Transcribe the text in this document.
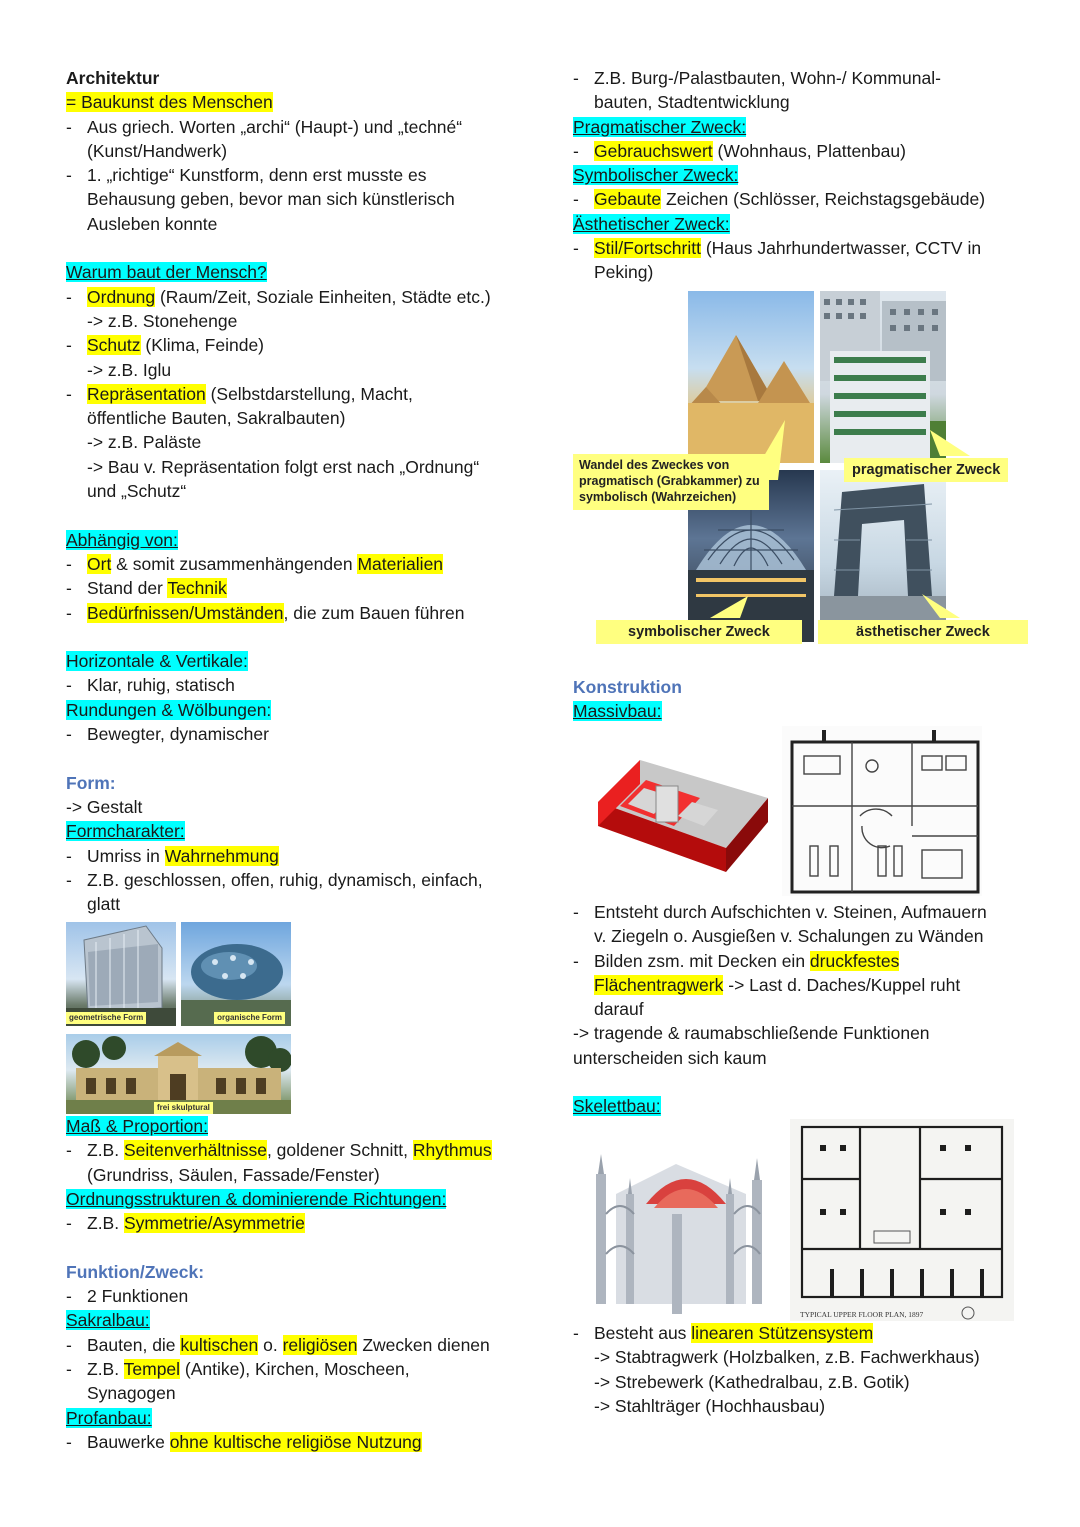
Architektur
= Baukunst des Menschen
- Aus griech. Worten „archi“ (Haupt-) und „techné“
(Kunst/Handwerk)
- 1. „richtige“ Kunstform, denn erst musste es
Behausung geben, bevor man sich künstlerisch
Ausleben konnte
Warum baut der Mensch?
- Ordnung (Raum/Zeit, Soziale Einheiten, Städte etc.)
-> z.B. Stonehenge
- Schutz (Klima, Feinde)
-> z.B. Iglu
- Repräsentation (Selbstdarstellung, Macht,
öffentliche Bauten, Sakralbauten)
-> z.B. Paläste
-> Bau v. Repräsentation folgt erst nach „Ordnung“
und „Schutz“
Abhängig von:
- Ort & somit zusammenhängenden Materialien
- Stand der Technik
- Bedürfnissen/Umständen, die zum Bauen führen
Horizontale & Vertikale:
- Klar, ruhig, statisch
Rundungen & Wölbungen:
- Bewegter, dynamischer
Form:
-> Gestalt
Formcharakter:
- Umriss in Wahrnehmung
- Z.B. geschlossen, offen, ruhig, dynamisch, einfach,
glatt
geometrische Form	organische Form
frei skulptural
Maß & Proportion:
- Z.B. Seitenverhältnisse, goldener Schnitt, Rhythmus
(Grundriss, Säulen, Fassade/Fenster)
Ordnungsstrukturen & dominierende Richtungen:
- Z.B. Symmetrie/Asymmetrie
Funktion/Zweck:
- 2 Funktionen
Sakralbau:
- Bauten, die kultischen o. religiösen Zwecken dienen
- Z.B. Tempel (Antike), Kirchen, Moscheen,
Synagogen
Profanbau:
- Bauwerke ohne kultische religiöse Nutzung
- Z.B. Burg-/Palastbauten, Wohn-/ Kommunal-
bauten, Stadtentwicklung
Pragmatischer Zweck:
- Gebrauchswert (Wohnhaus, Plattenbau)
Symbolischer Zweck:
- Gebaute Zeichen (Schlösser, Reichstagsgebäude)
Ästhetischer Zweck:
- Stil/Fortschritt (Haus Jahrhundertwasser, CCTV in
Peking)
Wandel des Zweckes von
pragmatisch (Grabkammer) zu
symbolisch (Wahrzeichen)
pragmatischer Zweck
symbolischer Zweck	ästhetischer Zweck
Konstruktion
Massivbau:
- Entsteht durch Aufschichten v. Steinen, Aufmauern
v. Ziegeln o. Ausgießen v. Schalungen zu Wänden
- Bilden zsm. mit Decken ein druckfestes
Flächentragwerk -> Last d. Daches/Kuppel ruht
darauf
-> tragende & raumabschließende Funktionen
unterscheiden sich kaum
Skelettbau:
TYPICAL UPPER FLOOR PLAN, 1897
- Besteht aus linearen Stützensystem
-> Stabtragwerk (Holzbalken, z.B. Fachwerkhaus)
-> Strebewerk (Kathedralbau, z.B. Gotik)
-> Stahlträger (Hochhausbau)
